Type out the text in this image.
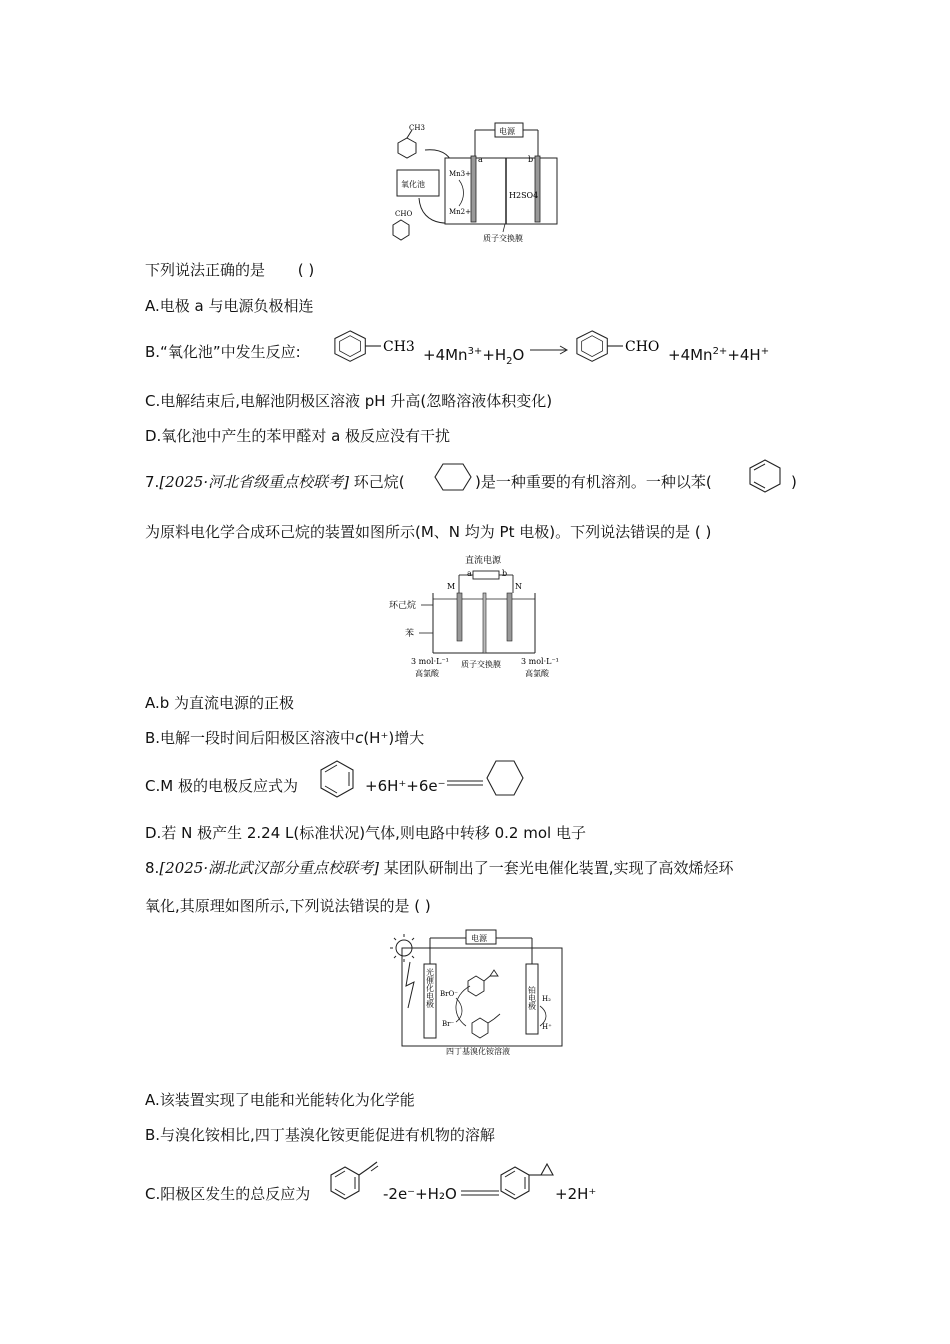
CH3
氧化池
CHO
电源
a	b
Mn3+
Mn2+
H2SO4
质子交换膜
下列说法正确的是 ( )
A.电极 a 与电源负极相连
B.“氧化池”中发生反应:	$CH3 +4Mn^{3+}+H_2O$ →	CHO $+4Mn^{2+}+4H^+$
C.电解结束后,电解池阴极区溶液 pH 升高(忽略溶液体积变化)
D.氧化池中产生的苯甲醛对 a 极反应没有干扰
7.[2025·河北省级重点校联考] 环己烷(	)是一种重要的有机溶剂。一种以苯(	)
为原料电化学合成环己烷的装置如图所示(M、N 均为 Pt 电极)。下列说法错误的是 ( )
直流电源
a	b
M	N
环己烷
苯
3 mol·L⁻¹
高氯酸
质子交换膜	3 mol·L⁻¹
高氯酸
A.b 为直流电源的正极
B.电解一段时间后阳极区溶液中c(H⁺)增大
C.M 极的电极反应式为	+6H⁺+6e⁻
D.若 N 极产生 2.24 L(标准状况)气体,则电路中转移 0.2 mol 电子
8.[2025·湖北武汉部分重点校联考] 某团队研制出了一套光电催化装置,实现了高效烯烃环
氧化,其原理如图所示,下列说法错误的是 ( )
电源
光催化电极	铂电极
BrO⁻
Br⁻
H₂
H⁺
四丁基溴化铵溶液
A.该装置实现了电能和光能转化为化学能
B.与溴化铵相比,四丁基溴化铵更能促进有机物的溶解
C.阳极区发生的总反应为	-2e⁻+H₂O	+2H⁺
